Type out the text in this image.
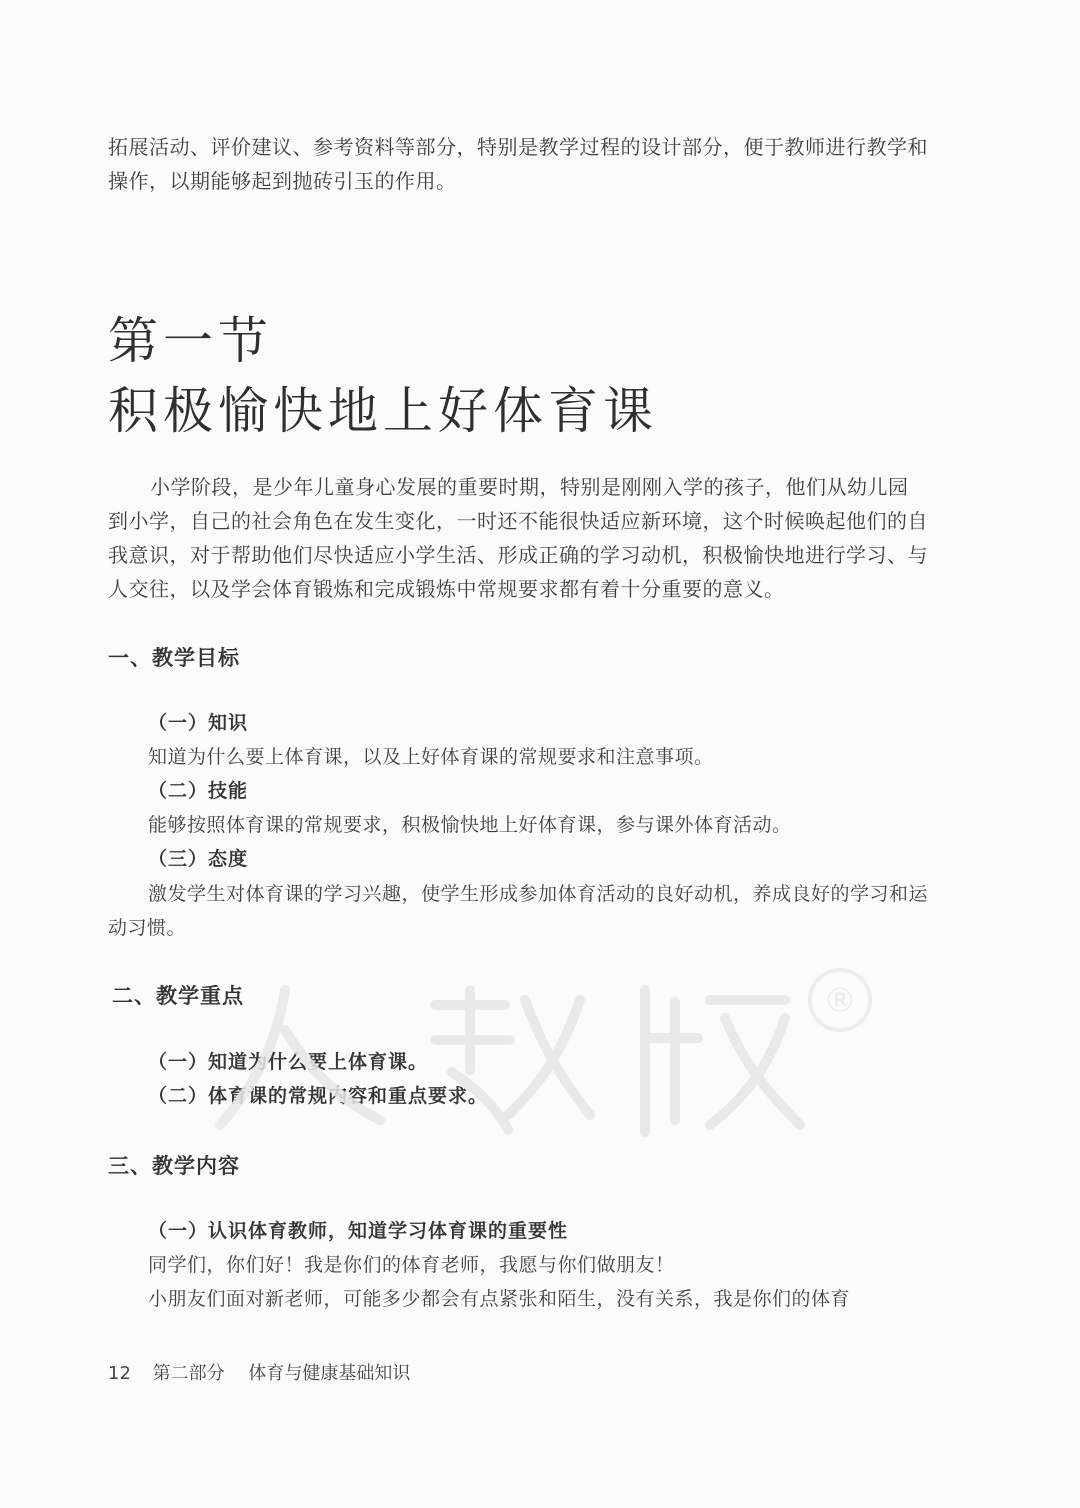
拓展活动、评价建议、参考资料等部分，特别是教学过程的设计部分，便于教师进行教学和操作，以期能够起到抛砖引玉的作用。

第一节
积极愉快地上好体育课

小学阶段，是少年儿童身心发展的重要时期，特别是刚刚入学的孩子，他们从幼儿园到小学，自己的社会角色在发生变化，一时还不能很快适应新环境，这个时候唤起他们的自我意识，对于帮助他们尽快适应小学生活、形成正确的学习动机，积极愉快地进行学习、与人交往，以及学会体育锻炼和完成锻炼中常规要求都有着十分重要的意义。

一、教学目标

（一）知识

知道为什么要上体育课，以及上好体育课的常规要求和注意事项。

（二）技能

能够按照体育课的常规要求，积极愉快地上好体育课，参与课外体育活动。

（三）态度

激发学生对体育课的学习兴趣，使学生形成参加体育活动的良好动机，养成良好的学习和运动习惯。

二、教学重点

（一）知道为什么要上体育课。

（二）体育课的常规内容和重点要求。

三、教学内容

（一）认识体育教师，知道学习体育课的重要性

同学们，你们好！我是你们的体育老师，我愿与你们做朋友！

小朋友们面对新老师，可能多少都会有点紧张和陌生，没有关系，我是你们的体育

12 第二部分 体育与健康基础知识
®
